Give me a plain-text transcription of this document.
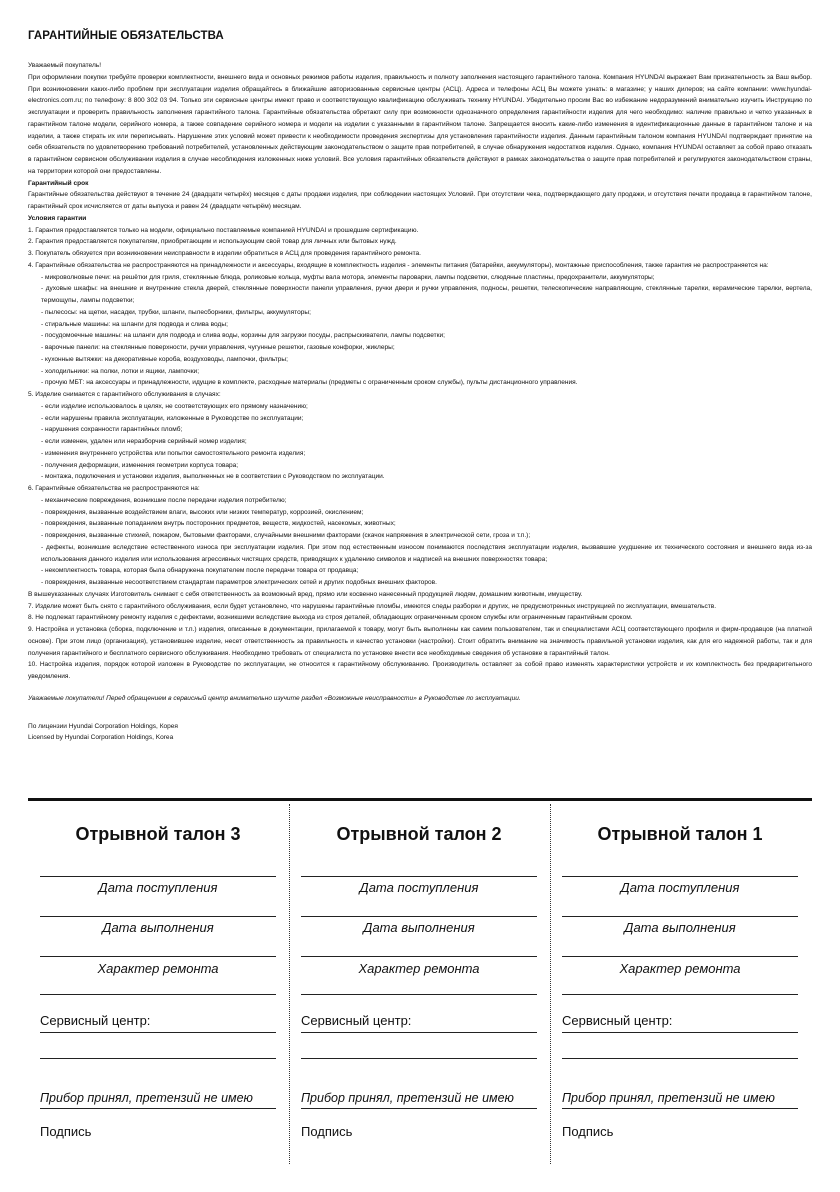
ГАРАНТИЙНЫЕ ОБЯЗАТЕЛЬСТВА

Уважаемый покупатель!

При оформлении покупки требуйте проверки комплектности, внешнего вида и основных режимов работы изделия, правильность и полноту заполнения настоящего гарантийного талона. Компания HYUNDAI выражает Вам признательность за Ваш выбор. При возникновении каких-либо проблем при эксплуатации изделия обращайтесь в ближайшие авторизованные сервисные центры (АСЦ). Адреса и телефоны АСЦ Вы можете узнать: в магазине; у наших дилеров; на сайте компании: www.hyundai-electronics.com.ru; по телефону: 8 800 302 03 94. Только эти сервисные центры имеют право и соответствующую квалификацию обслуживать технику HYUNDAI. Убедительно просим Вас во избежание недоразумений внимательно изучить Инструкцию по эксплуатации и проверить правильность заполнения гарантийного талона. Гарантийные обязательства обретают силу при возможности однозначного определения гарантийности изделия для чего необходимо: наличие правильно и четко указанных в гарантийном талоне модели, серийного номера, а также совпадение серийного номера и модели на изделии с указанными в гарантийном талоне. Запрещается вносить какие-либо изменения в идентификационные данные в гарантийном талоне и на изделии, а также стирать их или переписывать. Нарушение этих условий может привести к необходимости проведения экспертизы для установления гарантийности изделия. Данным гарантийным талоном компания HYUNDAI подтверждает принятие на себя обязательств по удовлетворению требований потребителей, установленных действующим законодательством о защите прав потребителей, в случае обнаружения недостатков изделия. Однако, компания HYUNDAI оставляет за собой право отказать в гарантийном сервисном обслуживании изделия в случае несоблюдения изложенных ниже условий. Все условия гарантийных обязательств действуют в рамках законодательства о защите прав потребителей и регулируются законодательством страны, на территории которой они предоставлены.

Гарантийный срок

Гарантийные обязательства действуют в течение 24 (двадцати четырёх) месяцев с даты продажи изделия, при соблюдении настоящих Условий. При отсутствии чека, подтверждающего дату продажи, и отсутствия печати продавца в гарантийном талоне, гарантийный срок исчисляется от даты выпуска и равен 24 (двадцати четырём) месяцам.

Условия гарантии

1. Гарантия предоставляется только на модели, официально поставляемые компанией HYUNDAI и прошедшие сертификацию.

2. Гарантия предоставляется покупателям, приобретающим и использующим свой товар для личных или бытовых нужд.

3. Покупатель обязуется при возникновении неисправности в изделии обратиться в АСЦ для проведения гарантийного ремонта.

4. Гарантийные обязательства не распространяются на принадлежности и аксессуары, входящие в комплектность изделия - элементы питания (батарейки, аккумуляторы), монтажные приспособления, также гарантия не распространяется на:

- микроволновые печи: на решётки для гриля, стеклянные блюда, роликовые кольца, муфты вала мотора, элементы пароварки, лампы подсветки, слюдяные пластины, предохранители, аккумуляторы;

- духовые шкафы: на внешние и внутренние стекла дверей, стеклянные поверхности панели управления, ручки двери и ручки управления, подносы, решетки, телескопические направляющие, стеклянные тарелки, керамические тарелки, вертела, термощупы, лампы подсветки;

- пылесосы: на щетки, насадки, трубки, шланги, пылесборники, фильтры, аккумуляторы;

- стиральные машины: на шланги для подвода и слива воды;

- посудомоечные машины: на шланги для подвода и слива воды, корзины для загрузки посуды, распрыскиватели, лампы подсветки;

- варочные панели: на стеклянные поверхности, ручки управления, чугунные решетки, газовые конфорки, жиклеры;

- кухонные вытяжки: на декоративные короба, воздуховоды, лампочки, фильтры;

- холодильники: на полки, лотки и ящики, лампочки;

- прочую МБТ: на аксессуары и принадлежности, идущие в комплекте, расходные материалы (предметы с ограниченным сроком службы), пульты дистанционного управления.

5. Изделие снимается с гарантийного обслуживания в случаях:

- если изделие использовалось в целях, не соответствующих его прямому назначению;

- если нарушены правила эксплуатации, изложенные в Руководстве по эксплуатации;

- нарушения сохранности гарантийных пломб;

- если изменен, удален или неразборчив серийный номер изделия;

- изменения внутреннего устройства или попытки самостоятельного ремонта изделия;

- получения деформации, изменения геометрии корпуса товара;

- монтажа, подключения и установки изделия, выполненных не в соответствии с Руководством по эксплуатации.

6. Гарантийные обязательства не распространяются на:

- механические повреждения, возникшие после передачи изделия потребителю;

- повреждения, вызванные воздействием влаги, высоких или низких температур, коррозией, окислением;

- повреждения, вызванные попаданием внутрь посторонних предметов, веществ, жидкостей, насекомых, животных;

- повреждения, вызванные стихией, пожаром, бытовыми факторами, случайными внешними факторами (скачок напряжения в электрической сети, гроза и т.п.);

- дефекты, возникшие вследствие естественного износа при эксплуатации изделия. При этом под естественным износом понимаются последствия эксплуатации изделия, вызвавшие ухудшение их технического состояния и внешнего вида из-за использования данного изделия или использования агрессивных чистящих средств, приводящих к удалению символов и надписей на внешних поверхностях товара;

- некомплектность товара, которая была обнаружена покупателем после передачи товара от продавца;

- повреждения, вызванные несоответствием стандартам параметров электрических сетей и других подобных внешних факторов.

В вышеуказанных случаях Изготовитель снимает с себя ответственность за возможный вред, прямо или косвенно нанесенный продукцией людям, домашним животным, имуществу.

7. Изделие может быть снято с гарантийного обслуживания, если будет установлено, что нарушены гарантийные пломбы, имеются следы разборки и других, не предусмотренных инструкцией по эксплуатации, вмешательств.

8. Не подлежат гарантийному ремонту изделия с дефектами, возникшими вследствие выхода из строя деталей, обладающих ограниченным сроком службы или ограниченным гарантийным сроком.

9. Настройка и установка (сборка, подключение и т.п.) изделия, описанные в документации, прилагаемой к товару, могут быть выполнены как самим пользователем, так и специалистами АСЦ соответствующего профиля и фирм-продавцов (на платной основе). При этом лицо (организация), установившее изделие, несет ответственность за правильность и качество установки (настройки). Стоит обратить внимание на значимость правильной установки изделия, как для его надежной работы, так и для получения гарантийного и бесплатного сервисного обслуживания. Необходимо требовать от специалиста по установке внести все необходимые сведения об установке в гарантийный талон.

10. Настройка изделия, порядок которой изложен в Руководстве по эксплуатации, не относится к гарантийному обслуживанию. Производитель оставляет за собой право изменять характеристики устройств и их комплектность без предварительного уведомления.

Уважаемые покупатели! Перед обращением в сервисный центр внимательно изучите раздел «Возможные неисправности» в Руководстве по эксплуатации.
По лицензии Hyundai Corporation Holdings, Корея
Licensed by Hyundai Corporation Holdings, Korea
Отрывной талон 3
Дата поступления
Дата выполнения
Характер ремонта
Сервисный центр:
Прибор принял, претензий не имею
Подпись
Отрывной талон 2
Дата поступления
Дата выполнения
Характер ремонта
Сервисный центр:
Прибор принял, претензий не имею
Подпись
Отрывной талон 1
Дата поступления
Дата выполнения
Характер ремонта
Сервисный центр:
Прибор принял, претензий не имею
Подпись
